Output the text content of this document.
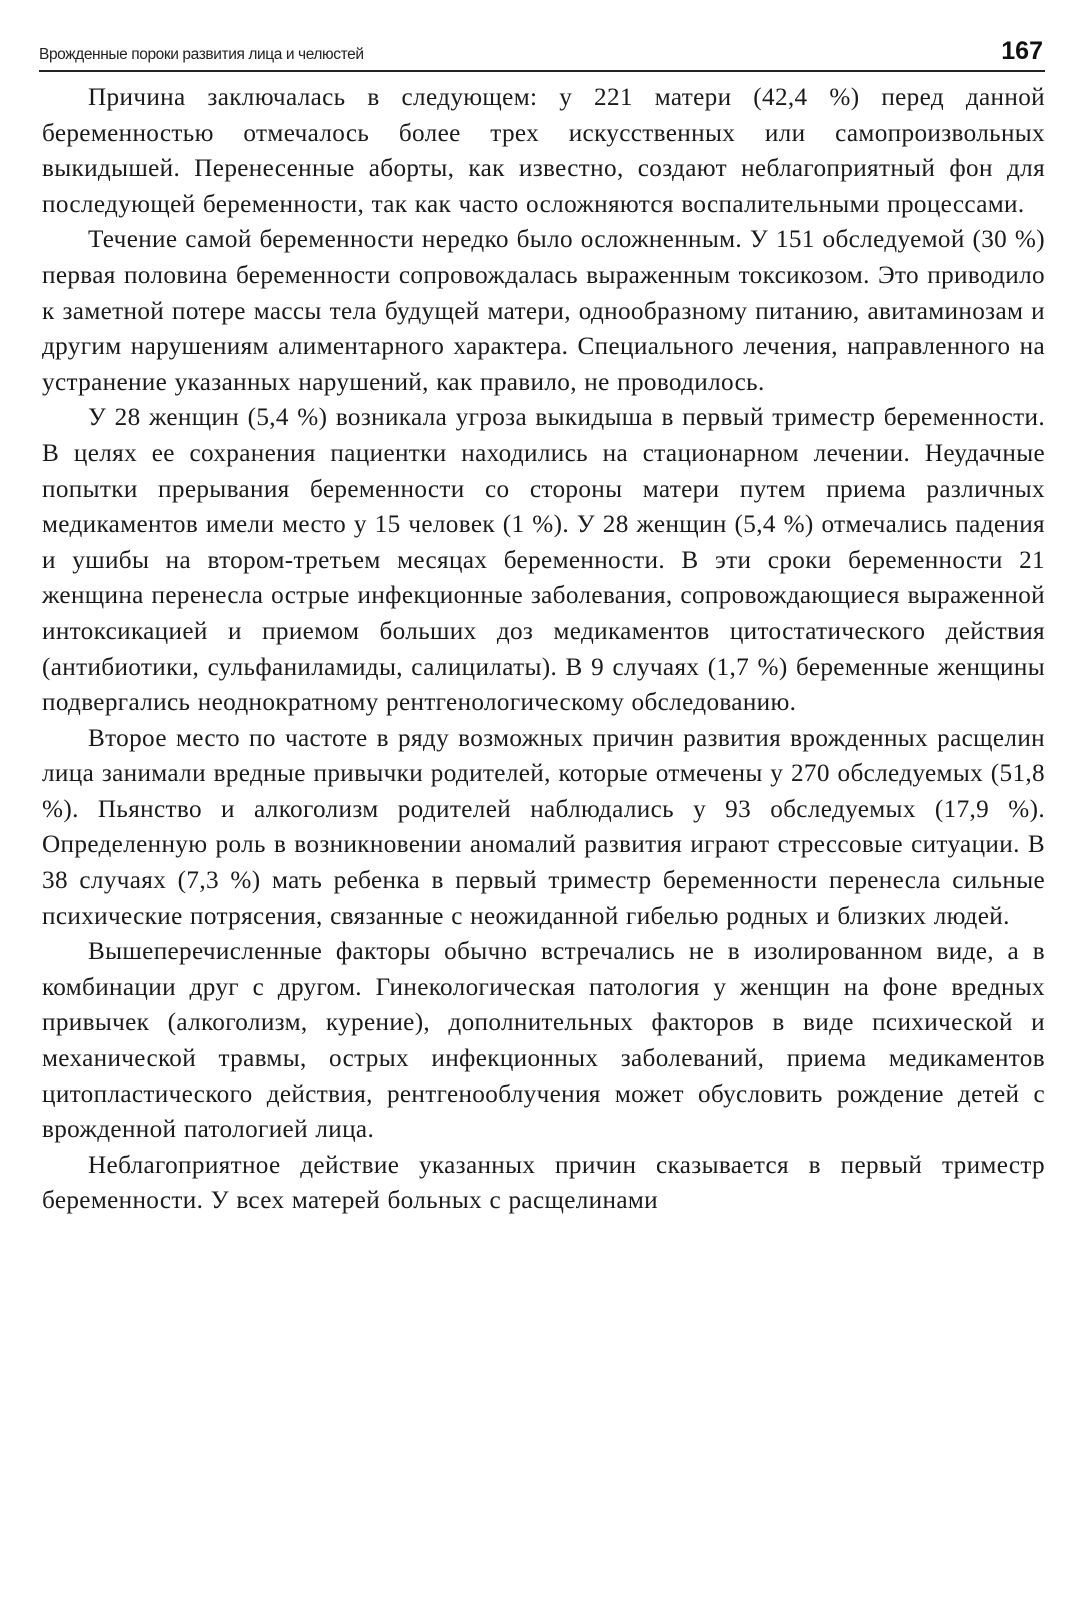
Врожденные пороки развития лица и челюстей	167

Причина заключалась в следующем: у 221 матери (42,4 %) перед данной беременностью отмечалось более трех искусственных или самопроизвольных выкидышей. Перенесенные аборты, как известно, создают неблагоприятный фон для последующей беременности, так как часто осложняются воспалительными процессами.

Течение самой беременности нередко было осложненным. У 151 обследуемой (30 %) первая половина беременности сопровождалась выраженным токсикозом. Это приводило к заметной потере массы тела будущей матери, однообразному питанию, авитаминозам и другим нарушениям алиментарного характера. Специального лечения, направленного на устранение указанных нарушений, как правило, не проводилось.

У 28 женщин (5,4 %) возникала угроза выкидыша в первый триместр беременности. В целях ее сохранения пациентки находились на стационарном лечении. Неудачные попытки прерывания беременности со стороны матери путем приема различных медикаментов имели место у 15 человек (1 %). У 28 женщин (5,4 %) отмечались падения и ушибы на втором-третьем месяцах беременности. В эти сроки беременности 21 женщина перенесла острые инфекционные заболевания, сопровождающиеся выраженной интоксикацией и приемом больших доз медикаментов цитостатического действия (антибиотики, сульфаниламиды, салицилаты). В 9 случаях (1,7 %) беременные женщины подвергались неоднократному рентгенологическому обследованию.

Второе место по частоте в ряду возможных причин развития врожденных расщелин лица занимали вредные привычки родителей, которые отмечены у 270 обследуемых (51,8 %). Пьянство и алкоголизм родителей наблюдались у 93 обследуемых (17,9 %). Определенную роль в возникновении аномалий развития играют стрессовые ситуации. В 38 случаях (7,3 %) мать ребенка в первый триместр беременности перенесла сильные психические потрясения, связанные с неожиданной гибелью родных и близких людей.

Вышеперечисленные факторы обычно встречались не в изолированном виде, а в комбинации друг с другом. Гинекологическая патология у женщин на фоне вредных привычек (алкоголизм, курение), дополнительных факторов в виде психической и механической травмы, острых инфекционных заболеваний, приема медикаментов цитопластического действия, рентгенооблучения может обусловить рождение детей с врожденной патологией лица.

Неблагоприятное действие указанных причин сказывается в первый триместр беременности. У всех матерей больных с расщелинами
